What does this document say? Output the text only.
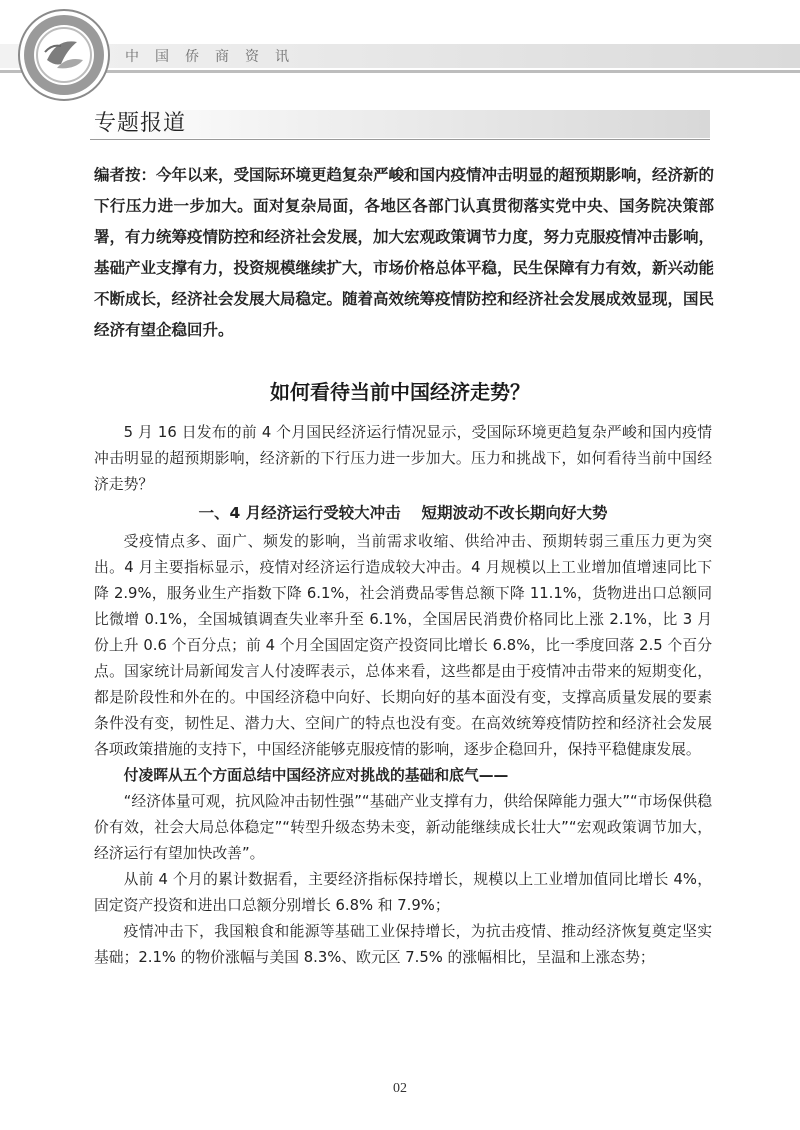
中国侨商资讯
专题报道
编者按：今年以来，受国际环境更趋复杂严峻和国内疫情冲击明显的超预期影响，经济新的下行压力进一步加大。面对复杂局面，各地区各部门认真贯彻落实党中央、国务院决策部署，有力统筹疫情防控和经济社会发展，加大宏观政策调节力度，努力克服疫情冲击影响，基础产业支撑有力，投资规模继续扩大，市场价格总体平稳，民生保障有力有效，新兴动能不断成长，经济社会发展大局稳定。随着高效统筹疫情防控和经济社会发展成效显现，国民经济有望企稳回升。
如何看待当前中国经济走势？

5 月 16 日发布的前 4 个月国民经济运行情况显示，受国际环境更趋复杂严峻和国内疫情冲击明显的超预期影响，经济新的下行压力进一步加大。压力和挑战下，如何看待当前中国经济走势？

一、4 月经济运行受较大冲击　 短期波动不改长期向好大势

受疫情点多、面广、频发的影响，当前需求收缩、供给冲击、预期转弱三重压力更为突出。4 月主要指标显示，疫情对经济运行造成较大冲击。4 月规模以上工业增加值增速同比下降 2.9%，服务业生产指数下降 6.1%，社会消费品零售总额下降 11.1%，货物进出口总额同比微增 0.1%，全国城镇调查失业率升至 6.1%，全国居民消费价格同比上涨 2.1%，比 3 月份上升 0.6 个百分点；前 4 个月全国固定资产投资同比增长 6.8%，比一季度回落 2.5 个百分点。国家统计局新闻发言人付凌晖表示，总体来看，这些都是由于疫情冲击带来的短期变化，都是阶段性和外在的。中国经济稳中向好、长期向好的基本面没有变，支撑高质量发展的要素条件没有变，韧性足、潜力大、空间广的特点也没有变。在高效统筹疫情防控和经济社会发展各项政策措施的支持下，中国经济能够克服疫情的影响，逐步企稳回升，保持平稳健康发展。

付凌晖从五个方面总结中国经济应对挑战的基础和底气——

“经济体量可观，抗风险冲击韧性强”“基础产业支撑有力，供给保障能力强大”“市场保供稳价有效，社会大局总体稳定”“转型升级态势未变，新动能继续成长壮大”“宏观政策调节加大，经济运行有望加快改善”。

从前 4 个月的累计数据看，主要经济指标保持增长，规模以上工业增加值同比增长 4%，固定资产投资和进出口总额分别增长 6.8% 和 7.9%；

疫情冲击下，我国粮食和能源等基础工业保持增长，为抗击疫情、推动经济恢复奠定坚实基础；2.1% 的物价涨幅与美国 8.3%、欧元区 7.5% 的涨幅相比，呈温和上涨态势；

02
